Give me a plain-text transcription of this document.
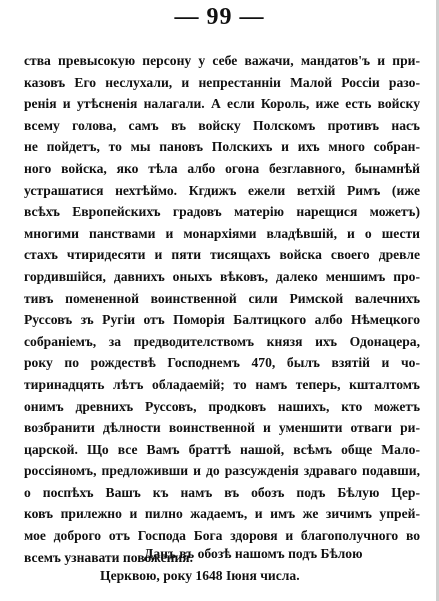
— 99 —
ства превысокую персону у себе важачи, мандатов'ъ и при-
казовъ Его неслухали, и непрестанніи Малой Россіи разо-
ренія и утѣсненія налагали. А если Король, иже есть войску
всему голова, самъ въ войску Полскомъ противъ насъ
не пойдетъ, то мы пановъ Полскихъ и ихъ много собран-
ного войска, яко тѣла албо огона безглавного, бынамнѣй
устрашатися нехтѣймо. Кгдижъ ежели ветхій Римъ (иже
всѣхъ Европейскихъ градовъ матерію нарещися можетъ)
многими панствами и монархіями владѣвшій, и о шести
стахъ чтиридесяти и пяти тисящахъ войска своего древле
гордившійся, давнихъ оныхъ вѣковъ, далеко меншимъ про-
тивъ помененной воинственной сили Римской валечнихъ
Руссовъ зъ Ругіи отъ Поморія Балтицкого албо Нѣмецкого
собраніемъ, за предводителствомъ князя ихъ Одонацера,
року по рождествѣ Господнемъ 470, былъ взятій и чо-
тиринадцять лѣтъ обладаемій; то намъ теперь, кшталтомъ
онимъ древнихъ Руссовъ, продковъ нашихъ, кто можетъ
возбранити дѣлности воинственной и уменшити отваги ри-
царской. Що все Вамъ браттѣ нашой, всѣмъ обще Мало-
россіяномъ, предложивши и до разсужденія здраваго подавши,
о поспѣхъ Вашъ къ намъ въ обозъ подъ Бѣлую Цер-
ковъ прилежно и пилно жадаемъ, и имъ же зичимъ упрей-
мое доброго отъ Господа Бога здоровя и благополучного во
всемъ узнавати повожения.
Данъ въ обозѣ нашомъ подъ Бѣлою
Церквою, року 1648 Іюня числа.
